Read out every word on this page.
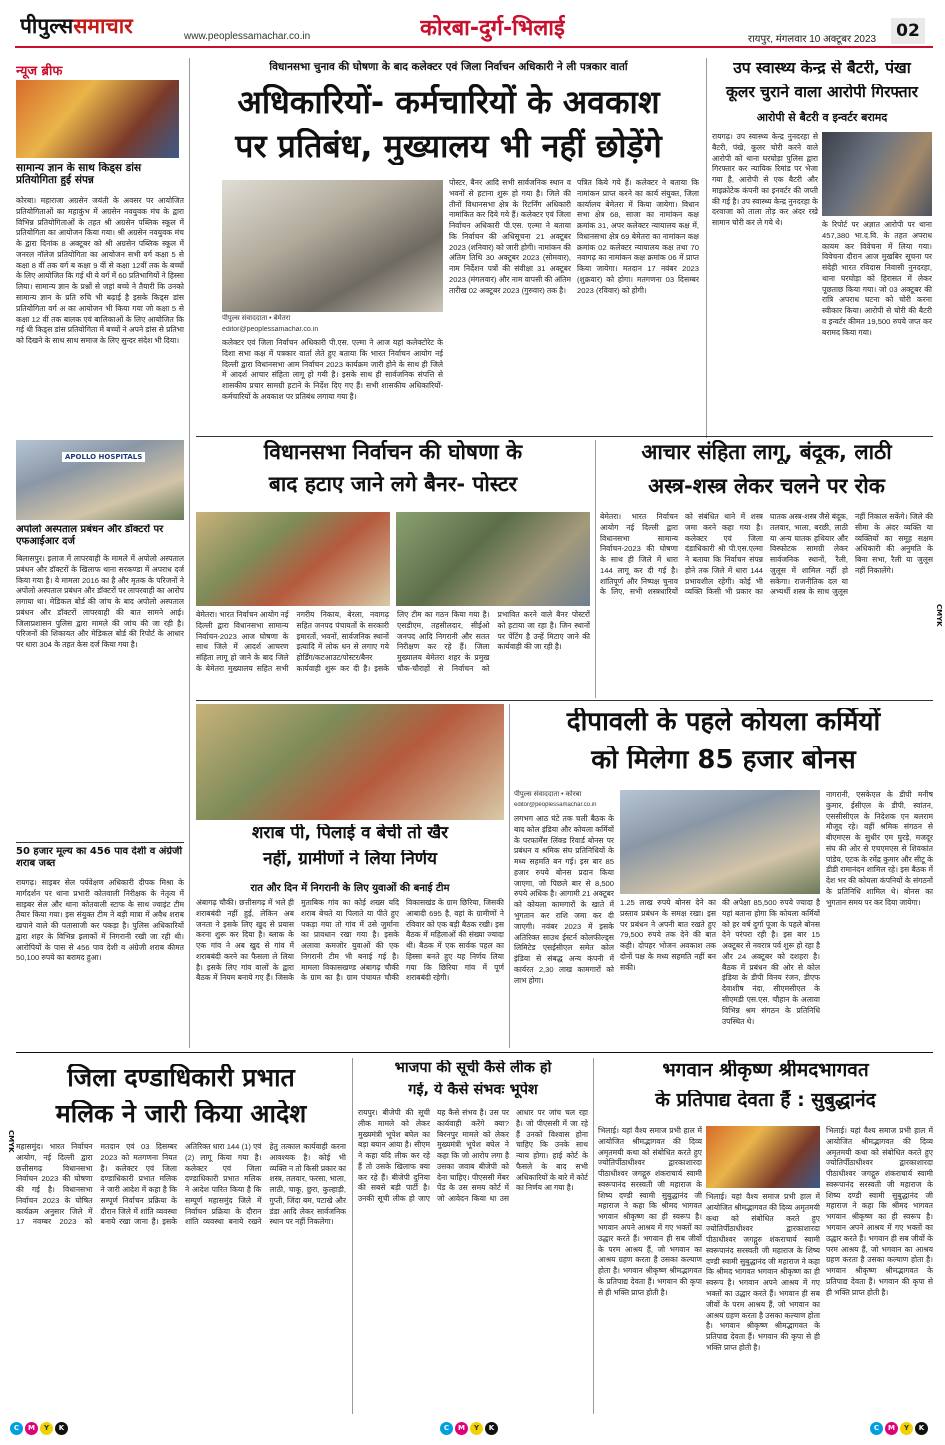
पीपुल्ससमाचार	www.peoplessamachar.co.in	कोरबा-दुर्ग-भिलाई	रायपुर, मंगलवार 10 अक्टूबर 2023	02
न्यूज ब्रीफ
सामान्य ज्ञान के साथ किड्स डांस प्रतियोगिता हुई संपन्न
कोरबा। महाराजा अग्रसेन जयंती के अवसर पर आयोजित प्रतियोगिताओं का महाकुंभ में अग्रसेन नवयुवक मंच के द्वारा विभिन्न प्रतियोगिताओं के तहत श्री अग्रसेन पब्लिक स्कूल में प्रतियोगिता का आयोजन किया गया। श्री अग्रसेन नवयुवक मंच के द्वारा दिनांक 8 अक्टूबर को श्री अग्रसेन पब्लिक स्कूल में जनरल नॉलेज प्रतियोगिता का आयोजन सभी वर्ग कक्षा 5 से कक्षा 8 वीं तक वर्ग ब कक्षा 9 वीं से कक्षा 12वीं तक के बच्चों के लिए आयोजित कि गई थी ये वर्ग में 60 प्रतिभागियों ने हिस्सा लिया। सामान्य ज्ञान के प्रश्नों से जहां बच्चे ने तैयारी कि उनको सामान्य ज्ञान के प्रति रुचि भी बढ़ाई है इसके किड्स डांस प्रतियोगिता वर्ग अ का आयोजन भी किया गया जो कक्षा 5 से कक्षा 12 वीं तक बालक एवं बालिकाओं के लिए आयोजित कि गई थी किड्स डांस प्रतियोगिता में बच्चों ने अपने डांस से प्रतिभा को दिखने के साथ साथ समाज के लिए सुन्दर संदेश भी दिया।
APOLLO HOSPITALS
अपोलो अस्पताल प्रबंधन और डॉक्टरों पर एफआईआर दर्ज
बिलासपुर। इलाज में लापरवाही के मामले में अपोलो अस्पताल प्रबंधन और डॉक्टरों के खिलाफ थाना सरकण्डा में अपराध दर्ज किया गया है। ये मामला 2016 का है और मृतक के परिजनों ने अपोलो अस्पताल प्रबंधन और डॉक्टरों पर लापरवाही का आरोप लगाया था। मेडिकल बोर्ड की जांच के बाद अपोलो अस्पताल प्रबंधन और डॉक्टरों लापरवाही की बात सामने आई। जिलाप्रशासन पुलिस द्वारा मामले की जांच की जा रही है। परिजनों की शिकायत और मेडिकल बोर्ड की रिपोर्ट के आधार पर धारा 304 के तहत केस दर्ज किया गया है।
50 हजार मूल्य का 456 पाव देशी व अंग्रेजी शराब जब्त
रायगढ़। साइबर सेल पर्यवेक्षण अधिकारी दीपक मिश्रा के मार्गदर्शन पर थाना प्रभारी कोतवाली निरीक्षक के नेतृत्व में साइबर सेल और थाना कोतवाली स्टाफ के साथ ज्वाइंट टीम तैयार किया गया। इस संयुक्त टीम ने बड़ी मात्रा में अवैध शराब खपाने वाले की पतासाजी कर पकड़ा है। पुलिस अधिकारियों द्वारा शहर के विभिन्न इलाकों में निगरानी रखी जा रही थी। आरोपियों के पास से 456 पाव देशी व अंग्रेजी शराब कीमत 50,100 रुपये का बरामद हुआ।
विधानसभा चुनाव की घोषणा के बाद कलेक्टर एवं जिला निर्वाचन अधिकारी ने ली पत्रकार वार्ता
अधिकारियों- कर्मचारियों के अवकाश
पर प्रतिबंध, मुख्यालय भी नहीं छोड़ेंगे
पीपुल्स संवाददाता • बेमेतरा
editor@peoplessamachar.co.in
कलेक्टर एवं जिला निर्वाचन अधिकारी पी.एस. एल्मा ने आज यहां कलेक्टोरेट के दिशा सभा कक्ष में पत्रकार वार्ता लेते हुए बताया कि भारत निर्वाचन आयोग नई दिल्ली द्वारा विधानसभा आम निर्वाचन 2023 कार्यक्रम जारी होने के साथ ही जिले में आदर्श आचार संहिता लागू हो गयी है। इसके साथ ही सार्वजनिक संपत्ति से शासकीय प्रचार सामग्री हटाने के निर्देश दिए गए हैं। सभी शासकीय अधिकारियों-कर्मचारियों के अवकाश पर प्रतिबंध लगाया गया है।
पोस्टर, बैनर आदि सभी सार्वजनिक स्थान व भवनों से हटाना शुरू हो गया है। जिले की तीनों विधानसभा क्षेत्र के रिटर्निंग अधिकारी नामांकित कर दिये गये हैं। कलेक्टर एवं जिला निर्वाचन अधिकारी पी.एस. एल्मा ने बताया कि निर्वाचन की अधिसूचना 21 अक्टूबर 2023 (शनिवार) को जारी होगी। नामांकन की अंतिम तिथि 30 अक्टूबर 2023 (सोमवार), नाम निर्देशन पत्रों की संवीक्षा 31 अक्टूबर 2023 (मंगलवार) और नाम वापसी की अंतिम तारीख 02 अक्टूबर 2023 (गुरुवार) तक है।
पत्रित किये गये हैं। कलेक्टर ने बताया कि नामांकन प्राप्त करने का कार्य संयुक्त, जिला कार्यालय बेमेतरा में किया जायेगा। विधान सभा क्षेत्र 68, साजा का नामांकन कक्ष क्रमांक 31, अपर कलेक्टर न्यायालय कक्ष में, विधानसभा क्षेत्र 69 बेमेतरा का नामांकन कक्ष क्रमांक 02 कलेक्टर न्यायालय कक्ष तथा 70 नवागढ़ का नामांकन कक्ष क्रमांक 06 में प्राप्त किया जायेगा। मतदान 17 नवंबर 2023 (शुक्रवार) को होगा। मतगणना 03 दिसम्बर 2023 (रविवार) को होगी।
उप स्वास्थ्य केन्द्र से बैटरी, पंखा
कूलर चुराने वाला आरोपी गिरफ्तार
आरोपी से बैटरी व इन्वर्टर बरामद
रायगढ़। उप स्वास्थ्य केन्द्र नुनदरहा से बैटरी, पंखे, कूलर चोरी करने वाले आरोपी को थाना घरघोड़ा पुलिस द्वारा गिरफ्तार कर न्यायिक रिमांड पर भेजा गया है, आरोपी से एक बैटरी और माइक्रोटेक कंपनी का इनवर्टर की जप्ती की गई है। उप स्वास्थ्य केन्द्र नुनदरहा के दरवाजा को ताला तोड़ कर अंदर रखे सामान चोरी कर ले गये थे।	के रिपोर्ट पर अज्ञात आरोपी पर थाना 457,380 भा.द.वि. के तहत अपराध कायम कर विवेचना में लिया गया। विवेचना दौरान आज मुखबिर सूचना पर संदेही भारत रविदास निवासी नुनदरहा, थाना घरघोड़ा को हिरासत में लेकर पूछताछ किया गया। जो 03 अक्टूबर की रात्रि अपराध घटना को चोरी करना स्वीकार किया। आरोपी से चोरी की बैटरी व इन्वर्टर कीमत 19,500 रुपये जप्त कर बरामद किया गया।
विधानसभा निर्वाचन की घोषणा के
बाद हटाए जाने लगे बैनर- पोस्टर
बेमेतरा। भारत निर्वाचन आयोग नई दिल्ली द्वारा विधानसभा सामान्य निर्वाचन-2023 आज घोषणा के साथ जिले में आदर्श आचरण संहिता लागू हो जाने के बाद जिले के बेमेतरा मुख्यालय सहित सभी नगरीय निकाय, बेरला, नवागढ़ सहित जनपद पंचायतों के सरकारी इमारतों, भवनों, सार्वजनिक स्थानों इत्यादि में लोक धन से लगाए गये होर्डिंग/कटआउट/पोस्टर/बैनर कार्यवाही शुरू कर दी है। इसके लिए टीम का गठन किया गया है। एसडीएम, तहसीलदार, सीईओ जनपद आदि निगरानी और सतत निरीक्षण कर रहे हैं। जिला मुख्यालय बेमेतरा शहर के प्रमुख चौक-चौराहों से निर्वाचन को प्रभावित करने वाले बैनर पोस्टरों को हटाया जा रहा है। जिन स्थानों पर पेंटिंग है उन्हें मिटाए जाने की कार्यवाही की जा रही है।
आचार संहिता लागू, बंदूक, लाठी
अस्त्र-शस्त्र लेकर चलने पर रोक
बेमेतरा। भारत निर्वाचन आयोग नई दिल्ली द्वारा विधानसभा सामान्य निर्वाचन-2023 की घोषणा के साथ ही जिले में धारा 144 लागू कर दी गई है। शांतिपूर्ण और निष्पक्ष चुनाव के लिए, सभी शस्त्रधारियों को संबंधित थाने में शस्त्र जमा करने कहा गया है। कलेक्टर एवं जिला दंडाधिकारी श्री पी.एस.एल्मा ने बताया कि निर्वाचन संपन्न होने तक जिले में धारा 144 प्रभावशील रहेगी। कोई भी व्यक्ति किसी भी प्रकार का घातक अस्त्र-शस्त्र जैसे बंदूक, तलवार, भाला, बरछी, लाठी या अन्य घातक हथियार और विस्फोटक सामग्री लेकर सार्वजनिक स्थानों, रैली, जुलूस में शामिल नहीं हो सकेगा। राजनीतिक दल या अभ्यर्थी शस्त्र के साथ जुलूस नहीं निकाल सकेंगे। जिले की सीमा के अंदर व्यक्ति या व्यक्तियों का समूह सक्षम अधिकारी की अनुमति के बिना सभा, रैली या जुलूस नहीं निकालेंगे।
शराब पी, पिलाई व बेची तो खैर
नहीं, ग्रामीणों ने लिया निर्णय
रात और दिन में निगरानी के लिए युवाओं की बनाई टीम
अंबागढ़ चौकी। छत्तीसगढ़ में भले ही शराबबंदी नहीं हुई, लेकिन अब जनता ने इसके लिए खुद से प्रयास करना शुरू कर दिया है। ब्लाक के एक गांव ने अब खुद से गांव में शराबबंदी करने का फैसला ले लिया है। इसके लिए गांव वालों के द्वारा बैठक में नियम बनाये गए हैं। जिसके मुताबिक गांव का कोई शख्स यदि शराब बेचते या पिलाते या पीते हुए पकड़ा गया तो गांव में उसे जुर्माना का प्रावधान रखा गया है। इसके अलावा कमजोर युवाओं की एक निगरानी टीम भी बनाई गई है। मामला विकासखण्ड अंबागढ़ चौकी के ग्राम का है। ग्राम पंचायत चौकी विकासखंड के ग्राम छिरिया, जिसकी आबादी 695 है, वहां के ग्रामीणों ने रविवार को एक बड़ी बैठक रखी। इस बैठक में महिलाओं की संख्या ज्यादा थी। बैठक में एक सार्वक पहल का हिस्सा बनते हुए यह निर्णय लिया गया कि छिरिया गांव में पूर्ण शराबबंदी रहेगी।
दीपावली के पहले कोयला कर्मियों
को मिलेगा 85 हजार बोनस
पीपुल्स संवाददाता • कोरबा
editor@peoplessamachar.co.in
लगभग आठ घंटे तक चली बैठक के बाद कोल इंडिया और कोयला कर्मियों के परफार्मेंस लिंक्ड रिवार्ड बोनस पर प्रबंधन व श्रमिक संघ प्रतिनिधियों के मध्य सहमति बन गई। इस बार 85 हजार रुपये बोनस प्रदान किया जाएगा, जो पिछले बार से 8,500 रुपये अधिक है। आगामी 21 अक्टूबर को कोयला कामगारों के खाते में भुगतान कर राशि जमा कर दी जाएगी। नवंबर 2023 में इसके अतिरिक्त साउथ ईस्टर्न कोलफील्ड्स लिमिटेड एसईसीएल समेत कोल इंडिया से संबद्ध अन्य कंपनी में कार्यरत 2,30 लाख कामगारों को लाभ होगा।
1.25 लाख रुपये बोनस देने का प्रस्ताव प्रबंधन के समक्ष रखा। इस पर प्रबंधन ने अपनी बात रखते हुए 79,500 रुपये तक देने की बात कही। दोपहर भोजन अवकाश तक दोनों पक्ष के मध्य सहमति नहीं बन सकी।
की अपेक्षा 85,500 रुपये ज्यादा है यहां बताना होगा कि कोयला कर्मियों को हर वर्ष दुर्गा पूजा के पहले बोनस देने परंपरा रही है। इस बार 15 अक्टूबर से नवरात्र पर्व शुरू हो रहा है और 24 अक्टूबर को दशहरा है। बैठक में प्रबंधन की ओर से कोल इंडिया के डीपी विनय रंजन, डीएफ देवाशीष नंदा, सीएमसीएल के सीएमडी एस.एस. चौहान के अलावा विभिन्न श्रम संगठन के प्रतिनिधि उपस्थित थे।
नागरानी, एसकेएल के डीपी मनीष कुमार, ईसीएल के डीपी, स्वांतन, एससीसीएल के निदेशक एन बलराम मौजूद रहे। वहीं श्रमिक संगठन से बीएमएस के सुधीर एम घुरड़े, मजदूर संघ की ओर से एचएमएस से शिवकांत पांडेय, एटक के रमेंद्र कुमार और सीटू के डीडी रामानंदन शामिल रहे। इस बैठक में देश भर की कोयला कंपनियों के संगठनों के प्रतिनिधि शामिल थे। बोनस का भुगतान समय पर कर दिया जायेगा।
जिला दण्डाधिकारी प्रभात
मलिक ने जारी किया आदेश
महासमुंद। भारत निर्वाचन आयोग, नई दिल्ली द्वारा छत्तीसगढ़ विधानसभा निर्वाचन 2023 की घोषणा की गई है। विधानसभा निर्वाचन 2023 के घोषित कार्यक्रम अनुसार जिले में 17 नवम्बर 2023 को मतदान एवं 03 दिसम्बर 2023 को मतगणना नियत है। कलेक्टर एवं जिला दण्डाधिकारी प्रभात मलिक ने जारी आदेश में कहा है कि सम्पूर्ण निर्वाचन प्रक्रिया के दौरान जिले में शांति व्यवस्था बनाये रखा जाना है। इसके अतिरिक्त धारा 144 (1) एवं (2) लागू किया गया है। कलेक्टर एवं जिला दण्डाधिकारी प्रभात मलिक ने आदेश पारित किया है कि सम्पूर्ण महासमुंद जिले में निर्वाचन प्रक्रिया के दौरान शांति व्यवस्था बनाये रखने हेतु तत्काल कार्यवाही करना आवश्यक है। कोई भी व्यक्ति न तो किसी प्रकार का शस्त्र, तलवार, फरसा, भाला, लाठी, चाकू, छुरा, कुल्हाड़ी, गुप्ती, जिंदा बम, पटाखे और डंडा आदि लेकर सार्वजनिक स्थान पर नहीं निकलेगा।
भाजपा की सूची कैसे लीक हो
गई, ये कैसे संभवः भूपेश
रायपुर। बीजेपी की सूची लीक मामले को लेकर मुख्यमंत्री भूपेश बघेल का बड़ा बयान आया है। सीएम ने कहा यदि लीक कर रहे हैं तो उसके खिलाफ क्या कर रहे हैं। बीजेपी दुनिया की सबसे बड़ी पार्टी है। उनकी सूची लीक हो जाए यह कैसे संभव है। उस पर कार्यवाही करेंगे क्या? बिरनपुर मामले को लेकर मुख्यमंत्री भूपेश बघेल ने कहा कि जो आरोप लगा है उसका जवाब बीजेपी को देना चाहिए। पीएससी मेंबर पेंड के उस समय कोर्ट में जो आवेदन किया था उस आधार पर जांच चल रहा है। जो पीएससी में जा रहे हैं उनको विश्वास होना चाहिए कि उनके साथ न्याय होगा। हाई कोर्ट के फैसले के बाद सभी अधिकारियों के बारे में कोर्ट का निर्णय आ गया है।
भगवान श्रीकृष्ण श्रीमदभागवत
के प्रतिपाद्य देवता हैं : सुबुद्धानंद
भिलाई। यहां वैश्य समाज प्रभी हाल में आयोजित श्रीमद्भागवत की दिव्य अमृतमयी कथा को संबोधित करते हुए ज्योतिर्पीठाधीश्वर द्वारकाशारदा पीठाधीश्वर जगद्गुरु शंकराचार्य स्वामी स्वरूपानंद सरस्वती जी महाराज के शिष्य दण्डी स्वामी सुबुद्धानंद जी महाराज ने कहा कि श्रीमद भागवत भगवान श्रीकृष्ण का ही स्वरूप है। भगवान अपने आश्रय में गए भक्तों का उद्धार करते हैं। भगवान ही सब जीवों के परम आश्रय हैं, जो भगवान का आश्रय ग्रहण करता है उसका कल्याण होता है। भगवान श्रीकृष्ण श्रीमद्भागवत के प्रतिपाद्य देवता हैं। भगवान की कृपा से ही भक्ति प्राप्त होती है।
भिलाई। यहां वैश्य समाज प्रभी हाल में आयोजित श्रीमद्भागवत की दिव्य अमृतमयी कथा को संबोधित करते हुए ज्योतिर्पीठाधीश्वर द्वारकाशारदा पीठाधीश्वर जगद्गुरु शंकराचार्य स्वामी स्वरूपानंद सरस्वती जी महाराज के शिष्य दण्डी स्वामी सुबुद्धानंद जी महाराज ने कहा कि श्रीमद भागवत भगवान श्रीकृष्ण का ही स्वरूप है। भगवान अपने आश्रय में गए भक्तों का उद्धार करते हैं। भगवान ही सब जीवों के परम आश्रय हैं, जो भगवान का आश्रय ग्रहण करता है उसका कल्याण होता है। भगवान श्रीकृष्ण श्रीमद्भागवत के प्रतिपाद्य देवता हैं। भगवान की कृपा से ही भक्ति प्राप्त होती है।
भिलाई। यहां वैश्य समाज प्रभी हाल में आयोजित श्रीमद्भागवत की दिव्य अमृतमयी कथा को संबोधित करते हुए ज्योतिर्पीठाधीश्वर द्वारकाशारदा पीठाधीश्वर जगद्गुरु शंकराचार्य स्वामी स्वरूपानंद सरस्वती जी महाराज के शिष्य दण्डी स्वामी सुबुद्धानंद जी महाराज ने कहा कि श्रीमद भागवत भगवान श्रीकृष्ण का ही स्वरूप है। भगवान अपने आश्रय में गए भक्तों का उद्धार करते हैं। भगवान ही सब जीवों के परम आश्रय हैं, जो भगवान का आश्रय ग्रहण करता है उसका कल्याण होता है। भगवान श्रीकृष्ण श्रीमद्भागवत के प्रतिपाद्य देवता हैं। भगवान की कृपा से ही भक्ति प्राप्त होती है।
CMYK
CMYK
C	M	Y	K	C	M	Y	K	C	M	Y	K
